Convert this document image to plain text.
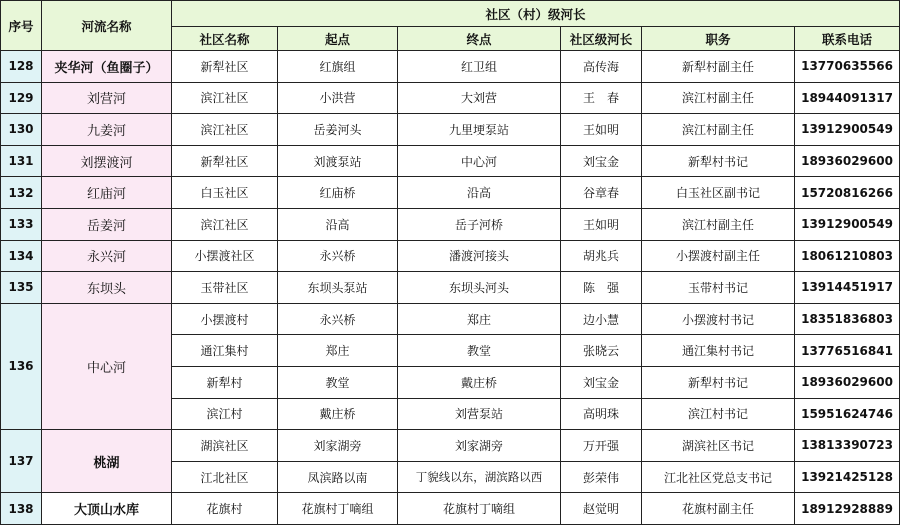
序号	河流名称	社区（村）级河长					
		社区名称	起点	终点	社区级河长	职务	联系电话
128	夹华河（鱼圈子）	新犁社区	红旗组	红卫组	高传海	新犁村副主任	13770635566
129	刘营河	滨江社区	小洪营	大刘营	王　春	滨江村副主任	18944091317
130	九姜河	滨江社区	岳姜河头	九里埂泵站	王如明	滨江村副主任	13912900549
131	刘摆渡河	新犁社区	刘渡泵站	中心河	刘宝金	新犁村书记	18936029600
132	红庙河	白玉社区	红庙桥	沿高	谷章春	白玉社区副书记	15720816266
133	岳姜河	滨江社区	沿高	岳子河桥	王如明	滨江村副主任	13912900549
134	永兴河	小摆渡社区	永兴桥	潘渡河接头	胡兆兵	小摆渡村副主任	18061210803
135	东坝头	玉带社区	东坝头泵站	东坝头河头	陈　强	玉带村书记	13914451917
136	中心河	小摆渡村	永兴桥	郑庄	边小慧	小摆渡村书记	18351836803
		通江集村	郑庄	教堂	张晓云	通江集村书记	13776516841
		新犁村	教堂	戴庄桥	刘宝金	新犁村书记	18936029600
		滨江村	戴庄桥	刘营泵站	高明珠	滨江村书记	15951624746
137	桃湖	湖滨社区	刘家湖旁	刘家湖旁	万开强	湖滨社区书记	13813390723
		江北社区	凤滨路以南	丁貌线以东，湖滨路以西	彭荣伟	江北社区党总支书记	13921425128
138	大顶山水库	花旗村	花旗村丁嘀组	花旗村丁嘀组	赵觉明	花旗村副主任	18912928889
